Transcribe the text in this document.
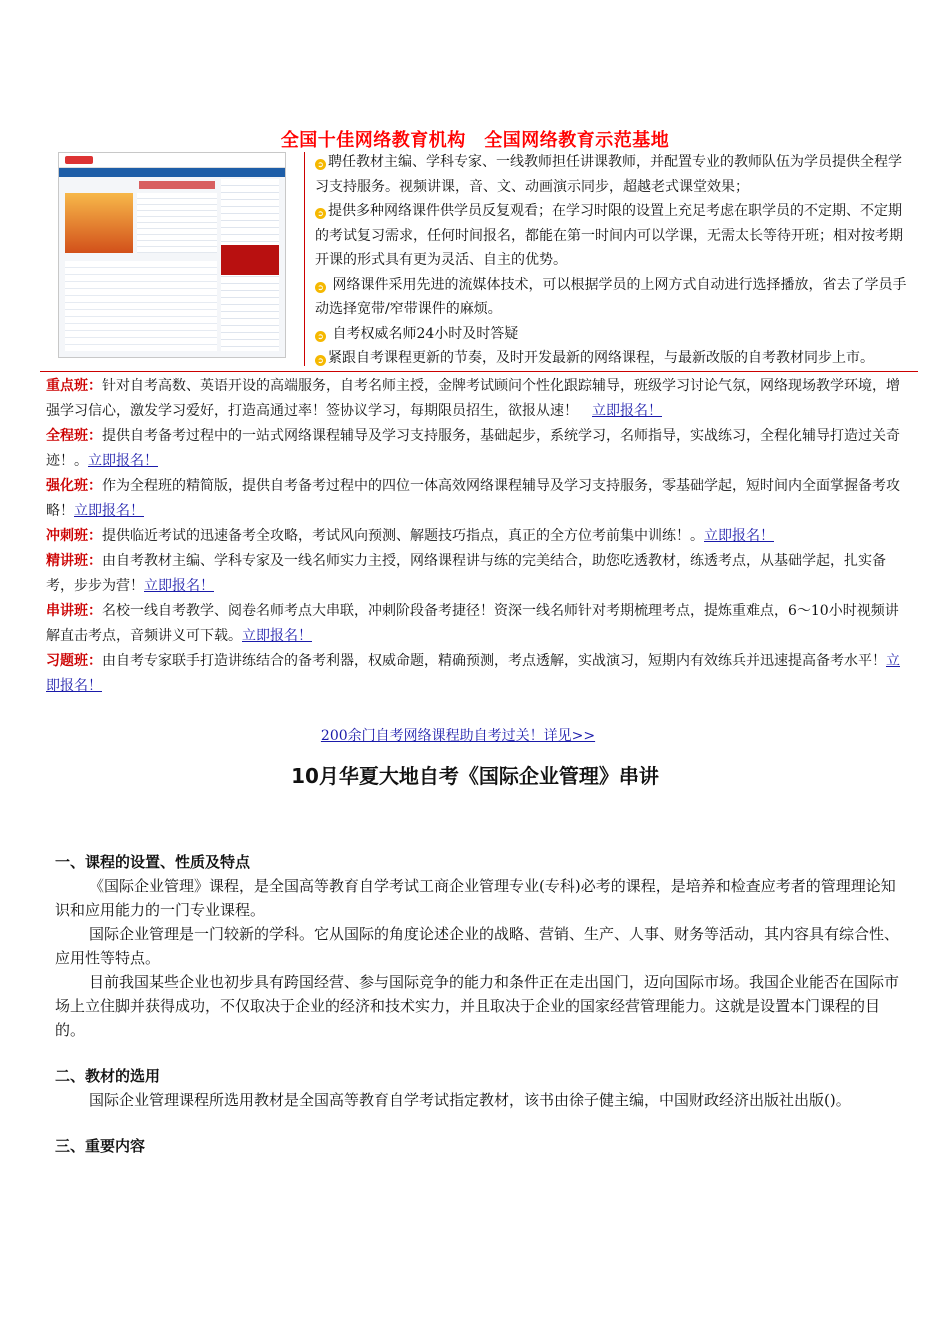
全国十佳网络教育机构　全国网络教育示范基地

➲ 聘任教材主编、学科专家、一线教师担任讲课教师，并配置专业的教师队伍为学员提供全程学习支持服务。视频讲课，音、文、动画演示同步，超越老式课堂效果；

➲ 提供多种网络课件供学员反复观看；在学习时限的设置上充足考虑在职学员的不定期、不定期的考试复习需求，任何时间报名，都能在第一时间内可以学课，无需太长等待开班；相对按考期开课的形式具有更为灵活、自主的优势。

➲ 网络课件采用先进的流媒体技术，可以根据学员的上网方式自动进行选择播放，省去了学员手动选择宽带/窄带课件的麻烦。

➲ 自考权威名师24小时及时答疑

➲ 紧跟自考课程更新的节奏，及时开发最新的网络课程，与最新改版的自考教材同步上市。

重点班：针对自考高数、英语开设的高端服务，自考名师主授，金牌考试顾问个性化跟踪辅导，班级学习讨论气氛，网络现场教学环境，增　强学习信心，激发学习爱好，打造高通过率！签协议学习，每期限员招生，欲报从速！　立即报名！

全程班：提供自考备考过程中的一站式网络课程辅导及学习支持服务，基础起步，系统学习，名师指导，实战练习，全程化辅导打造过关奇迹！。立即报名！

强化班：作为全程班的精简版，提供自考备考过程中的四位一体高效网络课程辅导及学习支持服务，零基础学起，短时间内全面掌握备考攻略！立即报名！

冲刺班：提供临近考试的迅速备考全攻略，考试风向预测、解题技巧指点，真正的全方位考前集中训练！。立即报名！

精讲班：由自考教材主编、学科专家及一线名师实力主授，网络课程讲与练的完美结合，助您吃透教材，练透考点，从基础学起，扎实备考，步步为营！立即报名！

串讲班：名校一线自考教学、阅卷名师考点大串联，冲刺阶段备考捷径！资深一线名师针对考期梳理考点，提炼重难点，6～10小时视频讲解直击考点，音频讲义可下载。立即报名！

习题班：由自考专家联手打造讲练结合的备考利器，权威命题，精确预测，考点透解，实战演习，短期内有效练兵并迅速提高备考水平！立即报名！

200余门自考网络课程助自考过关！详见>>
10月华夏大地自考《国际企业管理》串讲
一、课程的设置、性质及特点

《国际企业管理》课程，是全国高等教育自学考试工商企业管理专业(专科)必考的课程，是培养和检查应考者的管理理论知识和应用能力的一门专业课程。

国际企业管理是一门较新的学科。它从国际的角度论述企业的战略、营销、生产、人事、财务等活动，其内容具有综合性、应用性等特点。

目前我国某些企业也初步具有跨国经营、参与国际竞争的能力和条件正在走出国门，迈向国际市场。我国企业能否在国际市场上立住脚并获得成功，不仅取决于企业的经济和技术实力，并且取决于企业的国家经营管理能力。这就是设置本门课程的目的。

二、教材的选用

国际企业管理课程所选用教材是全国高等教育自学考试指定教材，该书由徐子健主编，中国财政经济出版社出版()。

三、重要内容
